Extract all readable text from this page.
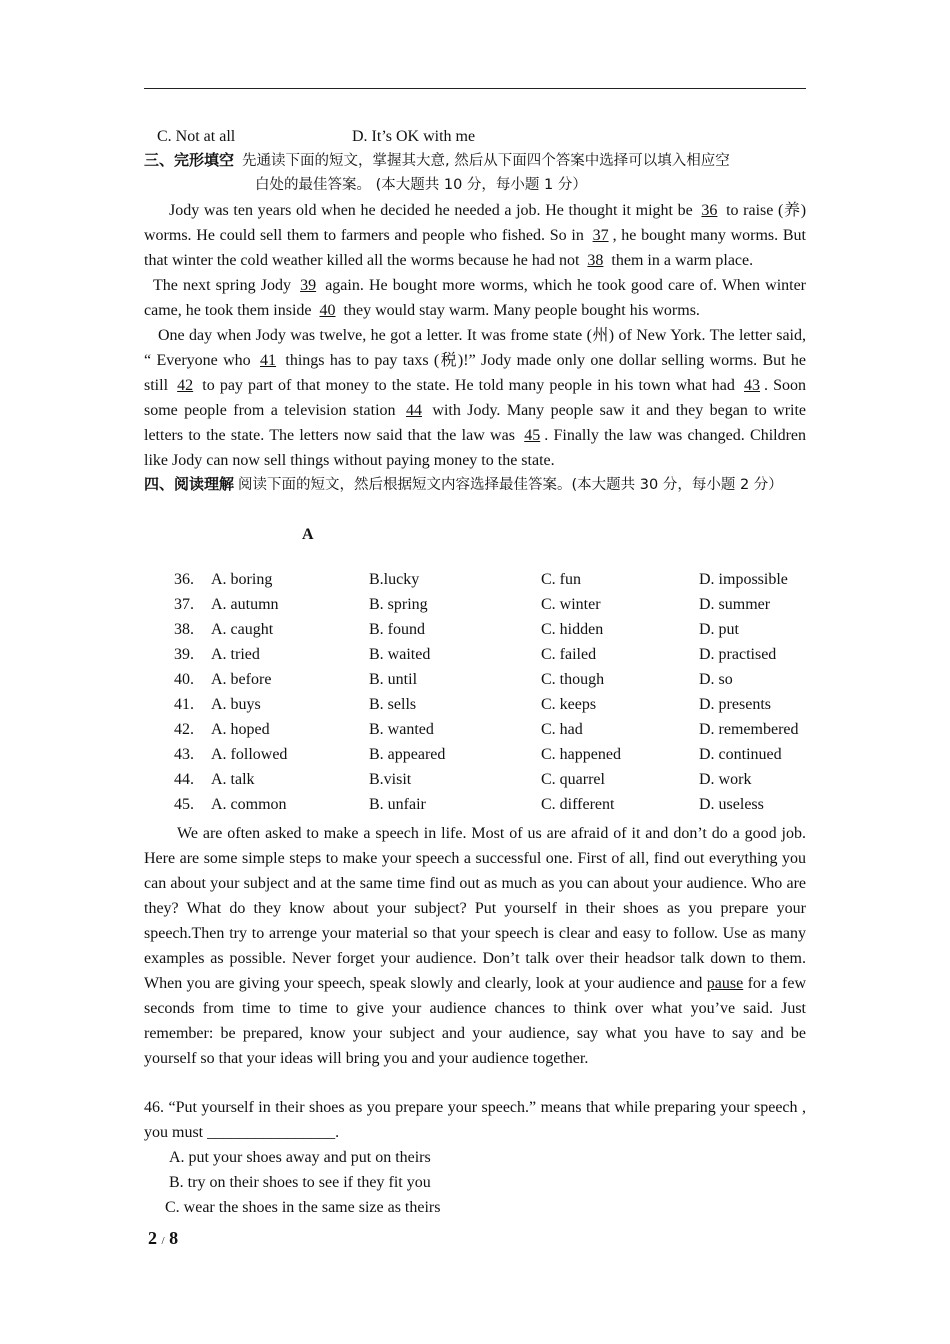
C. Not at all	D. It’s OK with me
三、完形填空 先通读下面的短文，掌握其大意, 然后从下面四个答案中选择可以填入相应空
白处的最佳答案。 (本大题共 10 分，每小题 1 分）
Jody was ten years old when he decided he needed a job. He thought it might be 36 to raise (养) worms. He could sell them to farmers and people who fished. So in 37 , he bought many worms. But that winter the cold weather killed all the worms because he had not 38 them in a warm place.
The next spring Jody 39 again. He bought more worms, which he took good care of. When winter came, he took them inside 40 they would stay warm. Many people bought his worms.
One day when Jody was twelve, he got a letter. It was frome state (州) of New York. The letter said, “ Everyone who 41 things has to pay taxs (税)!” Jody made only one dollar selling worms. But he still 42 to pay part of that money to the state. He told many people in his town what had 43 . Soon some people from a television station 44 with Jody. Many people saw it and they began to write letters to the state. The letters now said that the law was 45 . Finally the law was changed. Children like Jody can now sell things without paying money to the state.
四、阅读理解 阅读下面的短文，然后根据短文内容选择最佳答案。(本大题共 30 分，每小题 2 分）
A
36. A. boring	B.lucky	C. fun	D. impossible
37. A. autumn	B. spring	C. winter	D. summer
38. A. caught	B. found	C. hidden	D. put
39. A. tried	B. waited	C. failed	D. practised
40. A. before	B. until	C. though	D. so
41. A. buys	B. sells	C. keeps	D. presents
42. A. hoped	B. wanted	C. had	D. remembered
43. A. followed	B. appeared	C. happened	D. continued
44. A. talk	B.visit	C. quarrel	D. work
45. A. common	B. unfair	C. different	D. useless
We are often asked to make a speech in life. Most of us are afraid of it and don’t do a good job. Here are some simple steps to make your speech a successful one. First of all, find out everything you can about your subject and at the same time find out as much as you can about your audience. Who are they? What do they know about your subject? Put yourself in their shoes as you prepare your speech.Then try to arrenge your material so that your speech is clear and easy to follow. Use as many examples as possible. Never forget your audience. Don’t talk over their headsor talk down to them. When you are giving your speech, speak slowly and clearly, look at your audience and pause for a few seconds from time to time to give your audience chances to think over what you’ve said. Just remember: be prepared, know your subject and your audience, say what you have to say and be yourself so that your ideas will bring you and your audience together.
46. “Put yourself in their shoes as you prepare your speech.” means that while preparing your speech , you must ________________.
A. put your shoes away and put on theirs
B. try on their shoes to see if they fit you
C. wear the shoes in the same size as theirs
2 / 8
